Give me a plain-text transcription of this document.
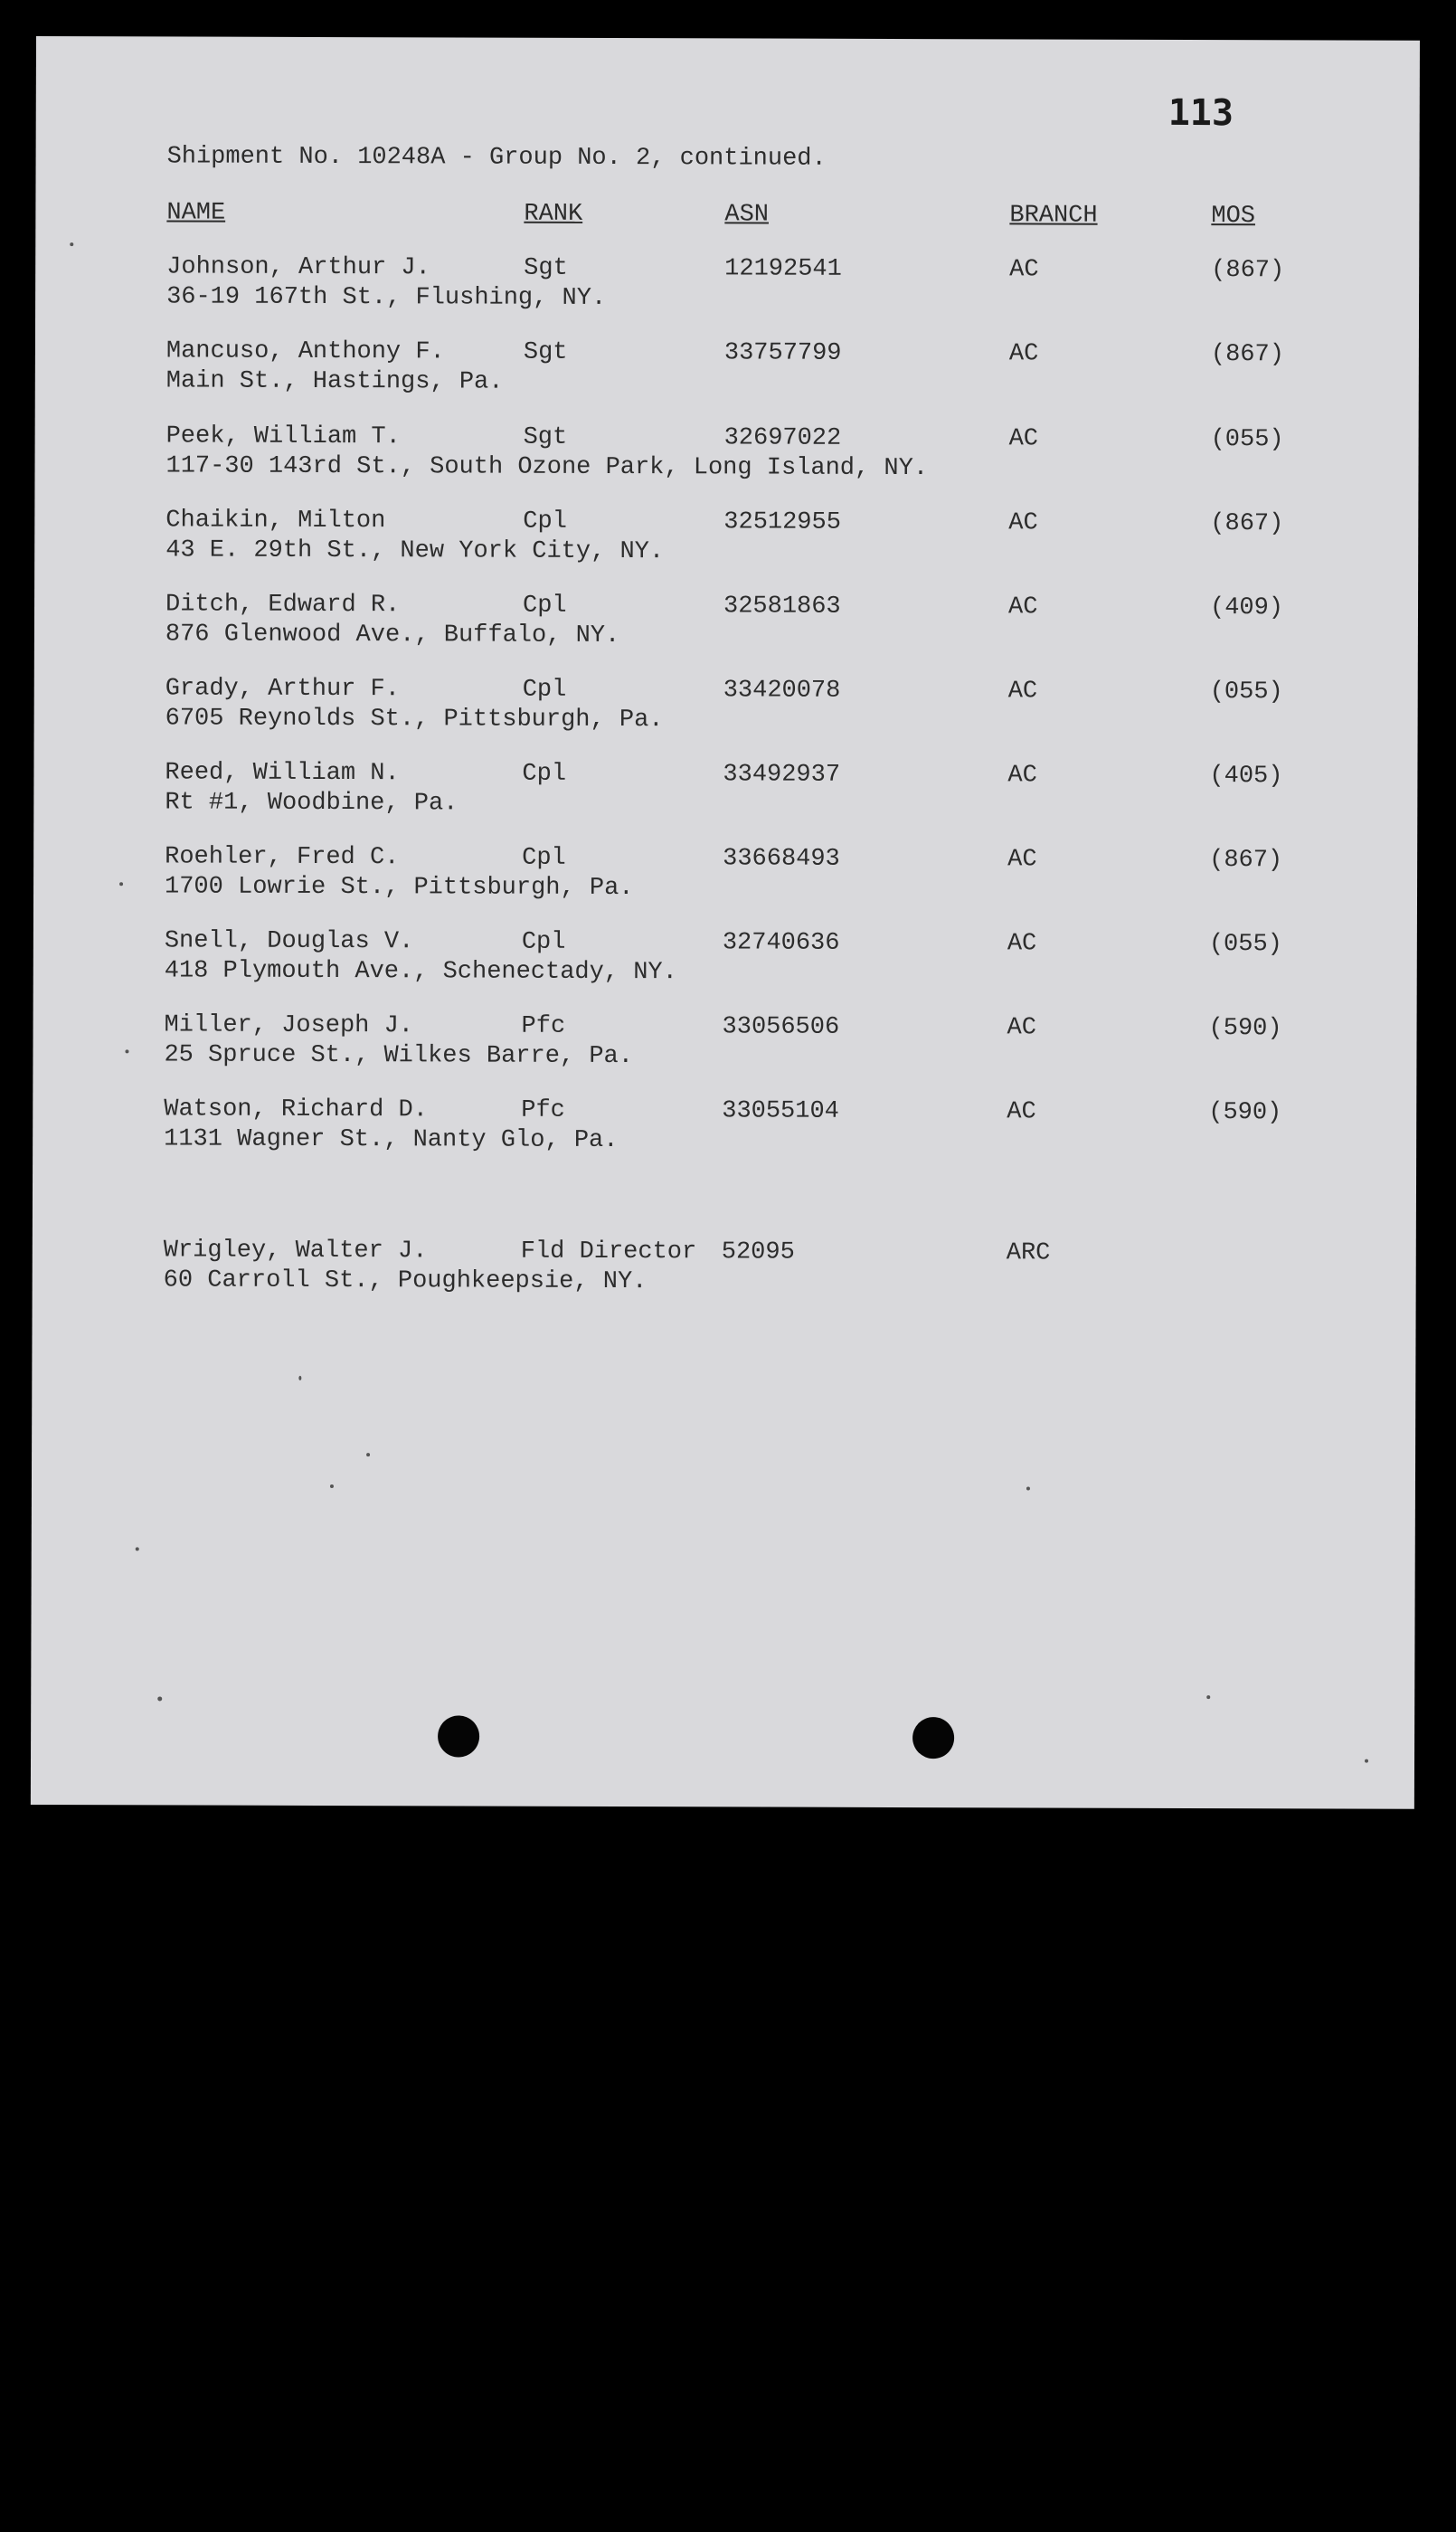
113
Shipment No. 10248A - Group No. 2, continued.
NAME	RANK	ASN	BRANCH	MOS
Johnson, Arthur J.	Sgt	12192541	AC	(867)
36-19 167th St., Flushing, NY.
Mancuso, Anthony F.	Sgt	33757799	AC	(867)
Main St., Hastings, Pa.
Peek, William T.	Sgt	32697022	AC	(055)
117-30 143rd St., South Ozone Park, Long Island, NY.
Chaikin, Milton	Cpl	32512955	AC	(867)
43 E. 29th St., New York City, NY.
Ditch, Edward R.	Cpl	32581863	AC	(409)
876 Glenwood Ave., Buffalo, NY.
Grady, Arthur F.	Cpl	33420078	AC	(055)
6705 Reynolds St., Pittsburgh, Pa.
Reed, William N.	Cpl	33492937	AC	(405)
Rt #1, Woodbine, Pa.
Roehler, Fred C.	Cpl	33668493	AC	(867)
1700 Lowrie St., Pittsburgh, Pa.
Snell, Douglas V.	Cpl	32740636	AC	(055)
418 Plymouth Ave., Schenectady, NY.
Miller, Joseph J.	Pfc	33056506	AC	(590)
25 Spruce St., Wilkes Barre, Pa.
Watson, Richard D.	Pfc	33055104	AC	(590)
1131 Wagner St., Nanty Glo, Pa.
Wrigley, Walter J.	Fld Director 52095	ARC
60 Carroll St., Poughkeepsie, NY.
